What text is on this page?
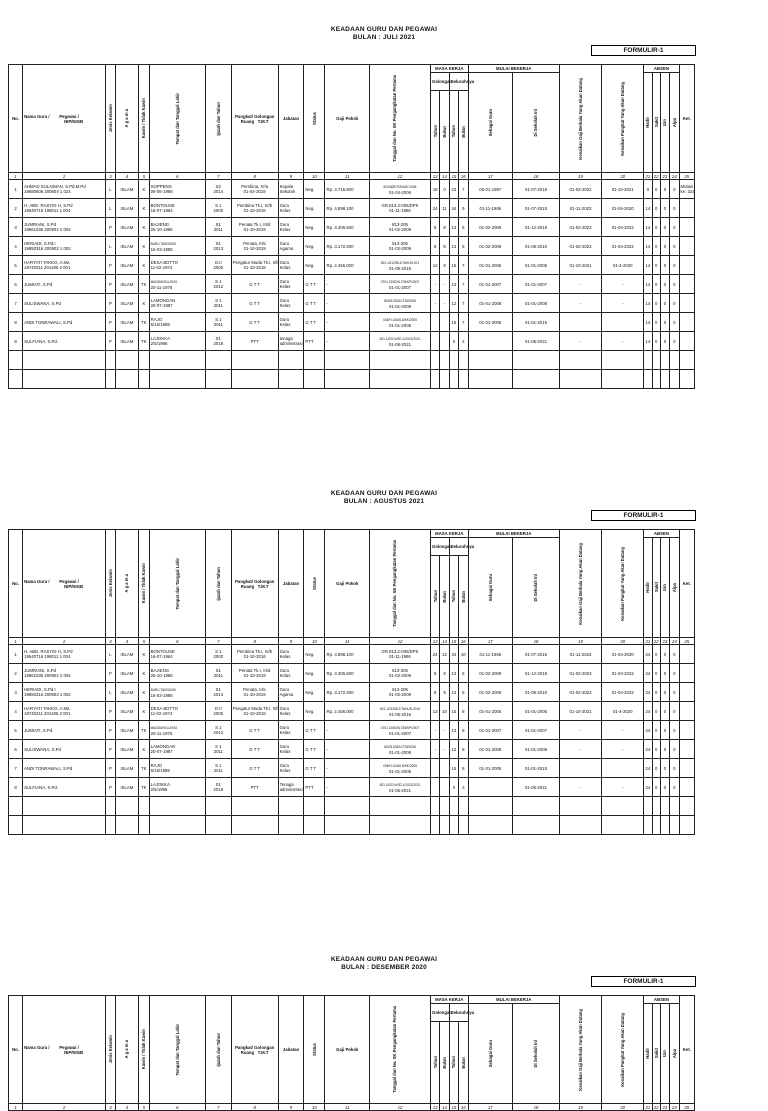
KEADAAN GURU DAN PEGAWAI
BULAN : JULI 2021
FORMULIR-1
No.	Nama Guru / Pegawai /
NIP/NIGB	Jenis Kelamin	A g a m a	Kawin / Tidak Kawin	Tempat dan Tanggal Lahir	Ijazah dan Tahun	Pangkat/ Golongan
Ruang T.M.T	Jabatan	Status	Gaji Pokok	Tanggal dan No. SK Pengangkatan Pertama	MASA KERJA				MULAI BEKERJA		Kenaikan Gaji Berkala Yang Akan Datang	Kenaikan Pangkat Yang Akan Datang	ABSEN				Ket.
												Golongan		Seluruhnya		Sebagai Guru	Di Sekolah Ini			Hadir	Sakit	Izin	Alpa	

												Tahun	Bulan	Tahun	Bulan									

1	2	3	4	5	6	7	8	9	10	11	12	13	14	15	16	17	18	19	20	21	22	23	24	25
1	AHMAD SULAIMAN, S.Pd.M.Pd
19680606 200604 1 024	L	ISLAM	K	SOPPENG
06-06-1968	S2
2014	Pembina, IV/a
01-04-2019	Kepala
Sekolah	Neg.	Rp. 3.715.800	823/3087/TAHUN 2006
01-04-2006	18	0	23	7	06-01-1997	01-07-2015	01-02-2022	01-10-2021	0	0	0	0	Mutasi
ke. 324
2	H. ABD. RASYID H, S.Pd
19640716 198011 1 004	L	ISLAM	K	BONTOUSE
16-07-1964	S 1
2000	Pembina Tk.I, IV/b
01-10-2016	Guru
Kelas	Neg.	Rp. 4.898.100	GR.813.2-006/DPK
01-11-1986	24	11	34	9	01-11-1986	01-07-2015	01-11-2023	01-04-2020	14	0	0	0	

3	JUMRIANI, S.Pd
19861035 200902 2 004	P	ISLAM	K	BAJIENG
25-10-1986	S1
2011	Penata Tk.I, III/d
01-10-2019	Guru
Kelas	Neg.	Rp. 3.306.500	813-205
01-02-2009	8	8	13	6	01-02-2009	01-12-2018	01-02-2023	01-04-2022	14	0	0	0	

4	HERIADI, S.Pd.I
19850316 200902 1 002	L	ISLAM	K	BARU TANGUNG
16-03-1985	S1
2013	Penata, III/c
01-10-2019	Guru
Agama	Neg.	Rp. 3.172.300	813-205
01-02-2009	8	8	13	5	01-02-2009	01-06-2010	01-02-2023	01-04-2022	14	0	0	0	

5	HARYATI TAKKO, A.Ma
19740211 201406 2 001	P	ISLAM	K	DESA BOTTO
11-02-1974	D.II
2005	Pengatur Muda Tk.I, II/b
01-10-2018	Guru
Kelas	Neg.	Rp. 2.456.000	821.12/1258.1/TAHUN 201
01-05-2016	12	9	15	7	01-01-2005	01-01-2005	01-10-2021	01-4-2020	14	0	0	0	

6	JUMIATI, S.Pd	P	ISLAM	TK	MADDUKELLENG
20-11-1976	S 1
2012	G T T	Guru
Kelas	G T T	-	0701.13/SDN 378/KP/2007
01-01-2007	-	-	13	7	01-01-2007	01-01-2007	-	-	14	0	0	0	

7	SULISWANA, S.Pd	P	ISLAM	K	LAMONGAN
20-07-1987	S 1
2011	G T T	Guru
Kelas	G T T	-	800/31/SDN 378/2008
01-01-2008	-	-	12	7	01-01-2008	01-01-2008	-	-	14	0	0	0	

8	ANDI TONRAWALI, S.Pd	P	ISLAM	TK	RAJO
5/15/1989	S 1
2011	G T T	Guru
Kelas	G T T	-	034/H.14/AS.8/SK/2005
01-01-2005			15	7	01-01-2005	01-01-2015			14	0	0	0	

9	SULFIANA, S.Pd.	P	ISLAM	TK	LAJOKKA
2/5/1995	S1
2018	PTT	tenaga
administrasi	PTT	-	821.1/022.b/SD.1/2021/2021
01-06-2021			0	2		01-06-2021	-	-	14	0	0	0	

KEADAAN GURU DAN PEGAWAI
BULAN : AGUSTUS 2021
FORMULIR-1
No.	Nama Guru / Pegawai /
NIP/NIGB	Jenis Kelamin	A g a m a	Kawin / Tidak Kawin	Tempat dan Tanggal Lahir	Ijazah dan Tahun	Pangkat/ Golongan
Ruang T.M.T	Jabatan	Status	Gaji Pokok	Tanggal dan No. SK Pengangkatan Pertama	MASA KERJA				MULAI BEKERJA		Kenaikan Gaji Berkala Yang Akan Datang	Kenaikan Pangkat Yang Akan Datang	ABSEN				Ket.
												Golongan		Seluruhnya		Sebagai Guru	Di Sekolah Ini			Hadir	Sakit	Izin	Alpa	

												Tahun	Bulan	Tahun	Bulan									

1	2	3	4	5	6	7	8	9	10	11	12	13	14	15	16	17	18	19	20	21	22	23	24	25
1	H. ABD. RASYID H, S.Pd
19640716 198011 1 004	L	ISLAM	K	BONTOUSE
16-07-1964	S 1
2000	Pembina Tk.I, IV/b
01-10-2016	Guru
Kelas	Neg.	Rp. 4.898.100	GR.813.2-006/DPK
01-11-1986	24	12	34	10	01-11-1986	01-07-2015	01-11-2023	01-04-2020	24	0	0	0	

2	JUMRIANI, S.Pd
19861035 200902 2 004	P	ISLAM	K	BAJIENG
25-10-1986	S1
2011	Penata Tk.I, III/d
01-10-2019	Guru
Kelas	Neg.	Rp. 3.306.500	813-205
01-02-2009	8	9	13	6	01-02-2009	01-12-2018	01-02-2023	01-04-2022	24	0	0	0	

3	HERIADI, S.Pd.I
19850316 200902 1 002	L	ISLAM	K	BARU TANGUNG
16-03-1985	S1
2013	Penata, III/c
01-10-2019	Guru
Agama	Neg.	Rp. 3.172.300	813-205
01-02-2009	8	9	13	5	01-02-2009	01-06-2010	01-02-2023	01-04-2022	24	0	0	0	

4	HARYATI TAKKO, A.Ma
19740211 201406 2 001	P	ISLAM	K	DESA BOTTO
11-02-1974	D II
2005	Pengatur Muda Tk.I, II/b
01-10-2018	Guru
Kelas	Neg.	Rp. 2.456.000	821.12/1258.1/TAHUN 2016
01-05-2016	13	10	15	8	01-01-2005	01-01-2005	01-10-2021	01-4-2020	24	0	0	0	

5	JUMIATI, S.Pd	P	ISLAM	TK	MADDUKELLENG
20-11-1976	S 1
2012	G T T	Guru
Kelas	G T T	-	0701.13/SDN 378/KP/2007
01-01-2007	-	-	13	8	01-01-2007	01-01-2007	-	-	24	0	0	0	

6	SULISWANA, S.Pd	P	ISLAM	K	LAMONGAN
20-07-1987	S 1
2011	G T T	Guru
Kelas	G T T	-	800/31/SDN 378/2008
01-01-2008	-	-	12	8	01-01-2008	01-01-2008	-	-	24	0	0	0	

7	ANDI TONRAWALI, S.Pd	P	ISLAM	TK	RAJO
5/15/1989	S 1
2011	G T T	Guru
Kelas	G T T	-	034/H.14/AS.8/SK/2005
01-01-2005			15	8	01-01-2005	01-01-2015			24	0	0	0	

8	SULFIANA, S.Pd.	P	ISLAM	TK	LAJOKKA
2/5/1995	S1
2018	PTT	Tenaga
administrasi	PTT	-	821.1/022.b/SD.1/2021/2021
01-06-2021			0	3		01-06-2021	-	-	24	0	0	0	

KEADAAN GURU DAN PEGAWAI
BULAN : DESEMBER 2020
FORMULIR-1
No.	Nama Guru / Pegawai /
NIP/NIGB	Jenis Kelamin	A g a m a	Kawin / Tidak Kawin	Tempat dan Tanggal Lahir	Ijazah dan Tahun	Pangkat/ Golongan
Ruang T.M.T	Jabatan	Status	Gaji Pokok	Tanggal dan No. SK Pengangkatan Pertama	MASA KERJA				MULAI BEKERJA		Kenaikan Gaji Berkala Yang Akan Datang	Kenaikan Pangkat Yang Akan Datang	ABSEN				Ket.
												Golongan		Seluruhnya		Sebagai Guru	Di Sekolah Ini			Hadir	Sakit	Izin	Alpa	

												Tahun	Bulan	Tahun	Bulan									

1	2	3	4	5	6	7	8	9	10	11	12	13	14	15	16	17	18	19	20	21	22	23	24	25
